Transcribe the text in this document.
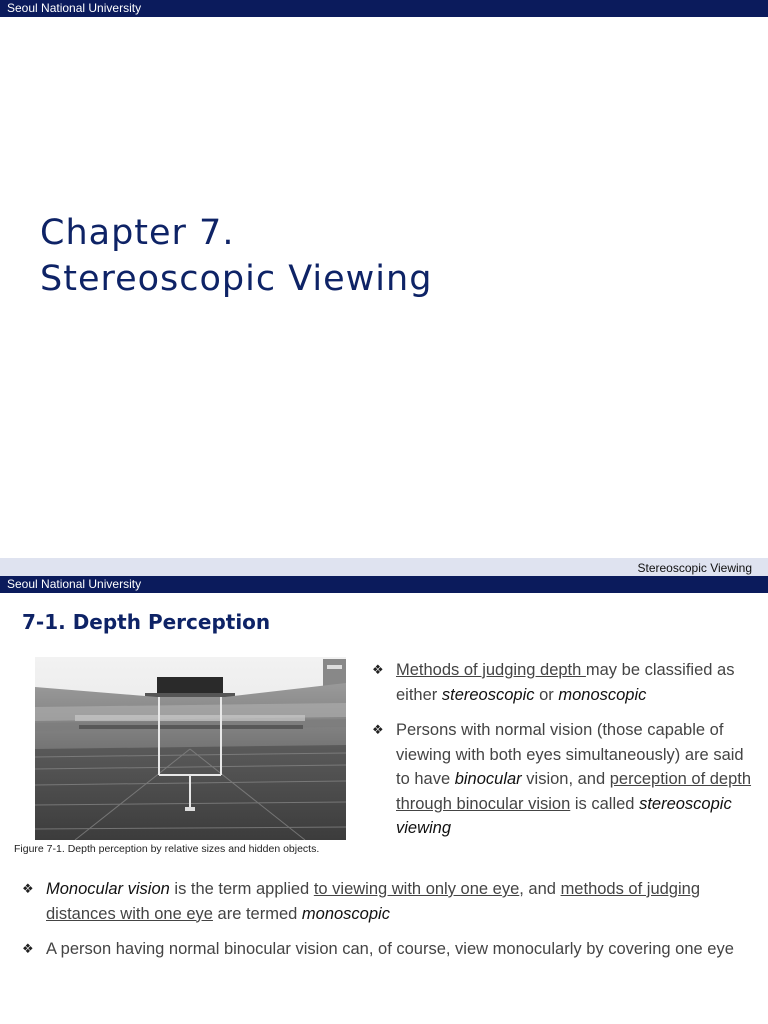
Seoul National University
Chapter 7.
Stereoscopic Viewing
Stereoscopic Viewing
Seoul National University
7-1. Depth Perception
Figure 7-1. Depth perception by relative sizes and hidden objects.
❖ Methods of judging depth may be classified as either stereoscopic or monoscopic
❖ Persons with normal vision (those capable of viewing with both eyes simultaneously) are said to have binocular vision, and perception of depth through binocular vision is called stereoscopic viewing
❖ Monocular vision is the term applied to viewing with only one eye, and methods of judging distances with one eye are termed monoscopic
❖ A person having normal binocular vision can, of course, view monocularly by covering one eye
